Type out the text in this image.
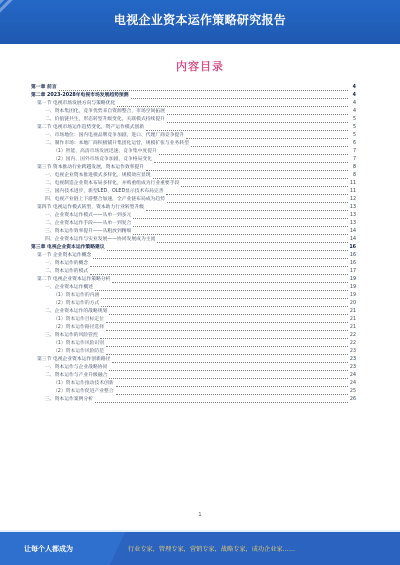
电视企业资本运作策略研究报告
内容目录
第一章 前言	4
第二章 2023-2028年电视市场发展趋势预测	4
第一节 电视市场发展方向与策略优化	4
一、资本集团化，竞争优势来自资源整合，市场空间拓展	4
二、价值链共生，形态转型升级变化，关联模式持续提升	5
第二节 电视市场运作趋势变化，资产运作模式创新	5
一、市场地位：国内电视品牌竞争加剧，进口、代理厂商竞争提升	5
二、制作市场：本地厂商积极铺开集团化运营，规模扩张与业务转型	6
（1）智能、高清市场发展迅速，竞争集中度提升	7
（2）国内、国外市场竞争加剧，竞争格局变化	7
第三节 资本推动行业跨越发展，资本运作效率提升	8
一、电视企业资本推进模式多样化，规模效应显现	8
二、电视制造企业资本布局多样化，并购重组成为行业重要手段	11
三、国内技术进步，新型LED、OLED显示技术布局完善	11
四、电视产业链上下游整合加速，全产业链布局成为趋势	12
第四节 电视运作模式转型，资本助力行业转型升级	13
一、企业资本运作模式——从单一到多元	13
二、企业资本运作手段——从单一到复合	13
三、资本运作效率提升——从粗放到精细	14
四、企业资本运作与实业发展——协同发展成为主流	14
第三章 电视企业资本运作策略建议	16
第一节 企业资本运作概念	16
一、资本运作的概念	16
二、资本运作的模式	17
第二节 电视企业资本运作策略分析	19
一、企业资本运作概述	19
（1）资本运作的内涵	19
（2）资本运作的方式	20
二、企业资本运作的战略规划	21
（1）资本运作目标定位	21
（2）资本运作路径选择	21
三、资本运作的风险管控	22
（1）资本运作风险识别	22
（2）资本运作风险防范	23
第三节 电视企业资本运作创新路径	23
一、资本运作与企业战略协同	23
二、资本运作与产业升级融合	24
（1）资本运作推动技术创新	24
（2）资本运作促进产业整合	25
三、资本运作案例分析	26
1
让每个人都成为	行业专家，管理专家，营销专家，战略专家，成功企业家……
